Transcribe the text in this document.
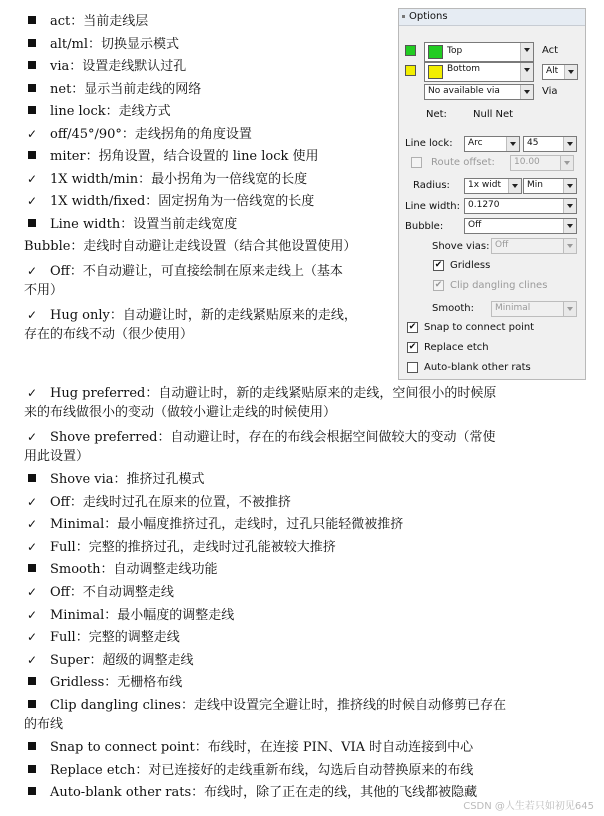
act：当前走线层
alt/ml：切换显示模式
via：设置走线默认过孔
net：显示当前走线的网络
line lock：走线方式
✓ off/45°/90°：走线拐角的角度设置
miter：拐角设置，结合设置的 line lock 使用
✓ 1X width/min：最小拐角为一倍线宽的长度
✓ 1X width/fixed：固定拐角为一倍线宽的长度
Line width：设置当前走线宽度
Bubble：走线时自动避让走线设置（结合其他设置使用）
✓ Off：不自动避让，可直接绘制在原来走线上（基本
不用）
✓ Hug only：自动避让时，新的走线紧贴原来的走线，
存在的布线不动（很少使用）
✓ Hug preferred：自动避让时，新的走线紧贴原来的走线，空间很小的时候原
来的布线做很小的变动（做较小避让走线的时候使用）
✓ Shove preferred：自动避让时，存在的布线会根据空间做较大的变动（常使
用此设置）
Shove via：推挤过孔模式
✓ Off：走线时过孔在原来的位置，不被推挤
✓ Minimal：最小幅度推挤过孔，走线时，过孔只能轻微被推挤
✓ Full：完整的推挤过孔，走线时过孔能被较大推挤
Smooth：自动调整走线功能
✓ Off：不自动调整走线
✓ Minimal：最小幅度的调整走线
✓ Full：完整的调整走线
✓ Super：超级的调整走线
Gridless：无栅格布线
Clip dangling clines：走线中设置完全避让时，推挤线的时候自动修剪已存在
的布线
Snap to connect point：布线时，在连接 PIN、VIA 时自动连接到中心
Replace etch：对已连接好的走线重新布线，勾选后自动替换原来的布线
Auto-blank other rats：布线时，除了正在走的线，其他的飞线都被隐藏
CSDN @人生若只如初见645
Options
Top	Act
Bottom	Alt
No available via	Via
Net:	Null Net
Line lock: Arc	45
Route offset: 10.00
Radius: 1x widt	Min
Line width: 0.1270
Bubble:	Off
Shove vias: Off
✔ Gridless
✔ Clip dangling clines
Smooth: Minimal
✔ Snap to connect point
✔ Replace etch
Auto-blank other rats
